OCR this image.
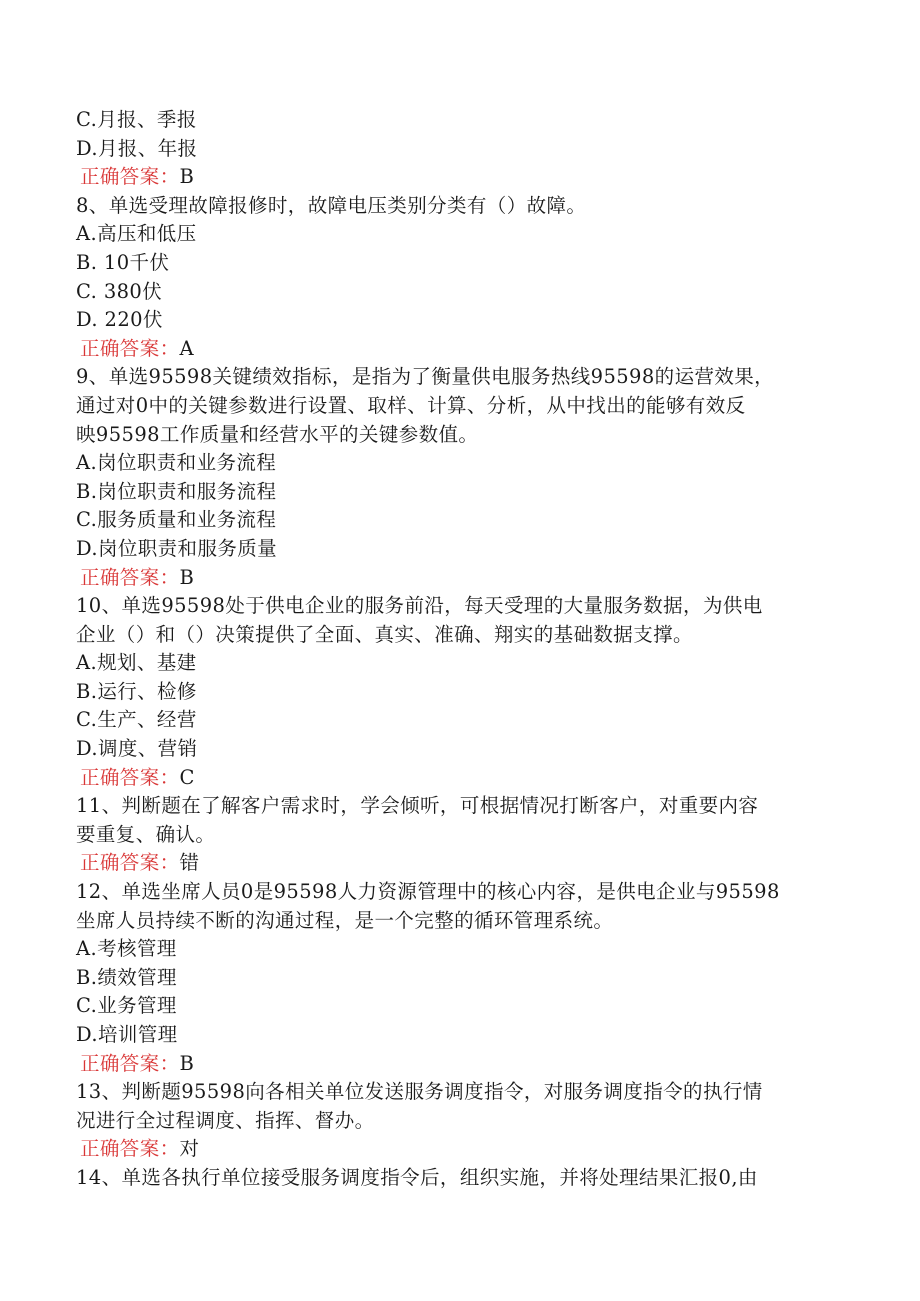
C.月报、季报
D.月报、年报
正确答案：B
8、单选受理故障报修时，故障电压类别分类有（）故障。
A.高压和低压
B. 10千伏
C. 380伏
D. 220伏
正确答案：A
9、单选95598关键绩效指标，是指为了衡量供电服务热线95598的运营效果，
通过对0中的关键参数进行设置、取样、计算、分析，从中找出的能够有效反
映95598工作质量和经营水平的关键参数值。
A.岗位职责和业务流程
B.岗位职责和服务流程
C.服务质量和业务流程
D.岗位职责和服务质量
正确答案：B
10、单选95598处于供电企业的服务前沿，每天受理的大量服务数据，为供电
企业（）和（）决策提供了全面、真实、准确、翔实的基础数据支撑。
A.规划、基建
B.运行、检修
C.生产、经营
D.调度、营销
正确答案：C
11、判断题在了解客户需求时，学会倾听，可根据情况打断客户，对重要内容
要重复、确认。
正确答案：错
12、单选坐席人员0是95598人力资源管理中的核心内容，是供电企业与95598
坐席人员持续不断的沟通过程，是一个完整的循环管理系统。
A.考核管理
B.绩效管理
C.业务管理
D.培训管理
正确答案：B
13、判断题95598向各相关单位发送服务调度指令，对服务调度指令的执行情
况进行全过程调度、指挥、督办。
正确答案：对
14、单选各执行单位接受服务调度指令后，组织实施，并将处理结果汇报0,由
